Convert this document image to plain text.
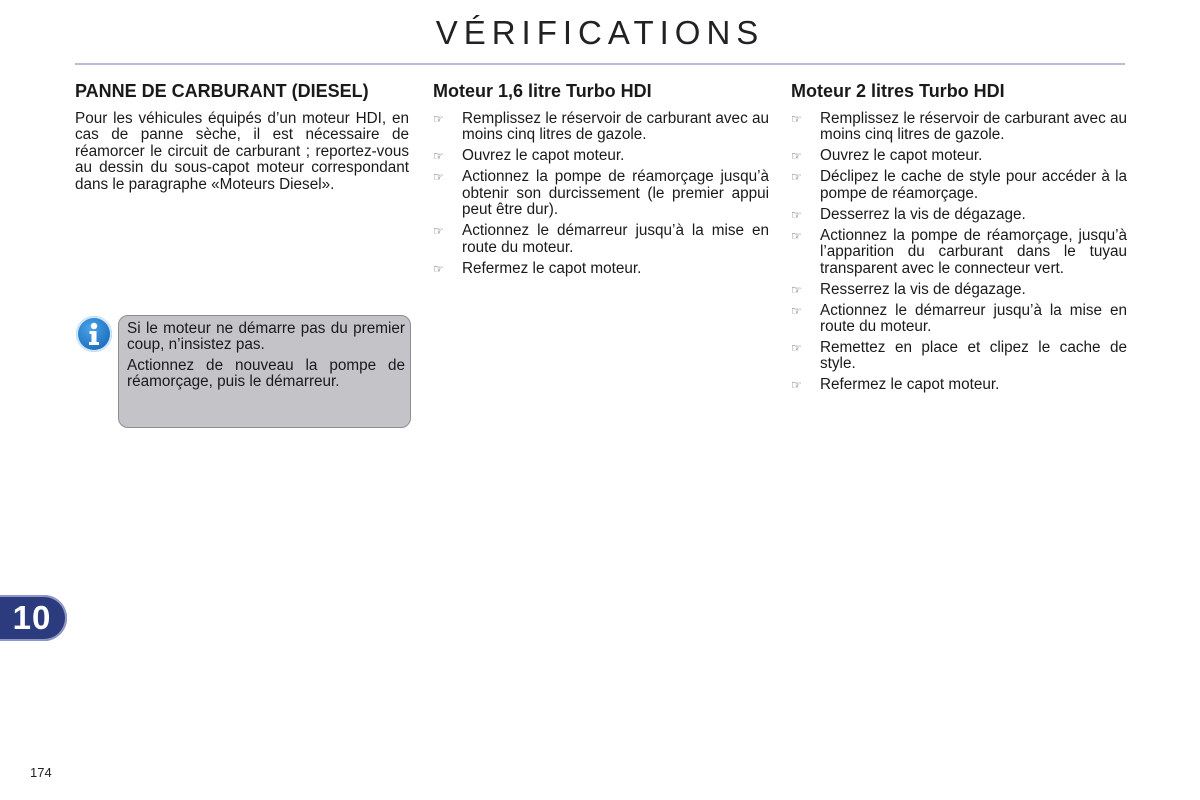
VÉRIFICATIONS
PANNE DE CARBURANT (DIESEL)

Pour les véhicules équipés d’un moteur HDI, en cas de panne sèche, il est nécessaire de réamorcer le circuit de carburant ; reportez-vous au dessin du sous-capot moteur correspondant dans le paragraphe «Moteurs Diesel».

Si le moteur ne démarre pas du premier coup, n’insistez pas.

Actionnez de nouveau la pompe de réamorçage, puis le démarreur.

Moteur 1,6 litre Turbo HDI
☞ Remplissez le réservoir de carburant avec au moins cinq litres de gazole.
☞ Ouvrez le capot moteur.
☞ Actionnez la pompe de réamorçage jusqu’à obtenir son durcissement (le premier appui peut être dur).
☞ Actionnez le démarreur jusqu’à la mise en route du moteur.
☞ Refermez le capot moteur.
Moteur 2 litres Turbo HDI
☞ Remplissez le réservoir de carburant avec au moins cinq litres de gazole.
☞ Ouvrez le capot moteur.
☞ Déclipez le cache de style pour accéder à la pompe de réamorçage.
☞ Desserrez la vis de dégazage.
☞ Actionnez la pompe de réamorçage, jusqu’à l’apparition du carburant dans le tuyau transparent avec le connecteur vert.
☞ Resserrez la vis de dégazage.
☞ Actionnez le démarreur jusqu’à la mise en route du moteur.
☞ Remettez en place et clipez le cache de style.
☞ Refermez le capot moteur.
10
174
